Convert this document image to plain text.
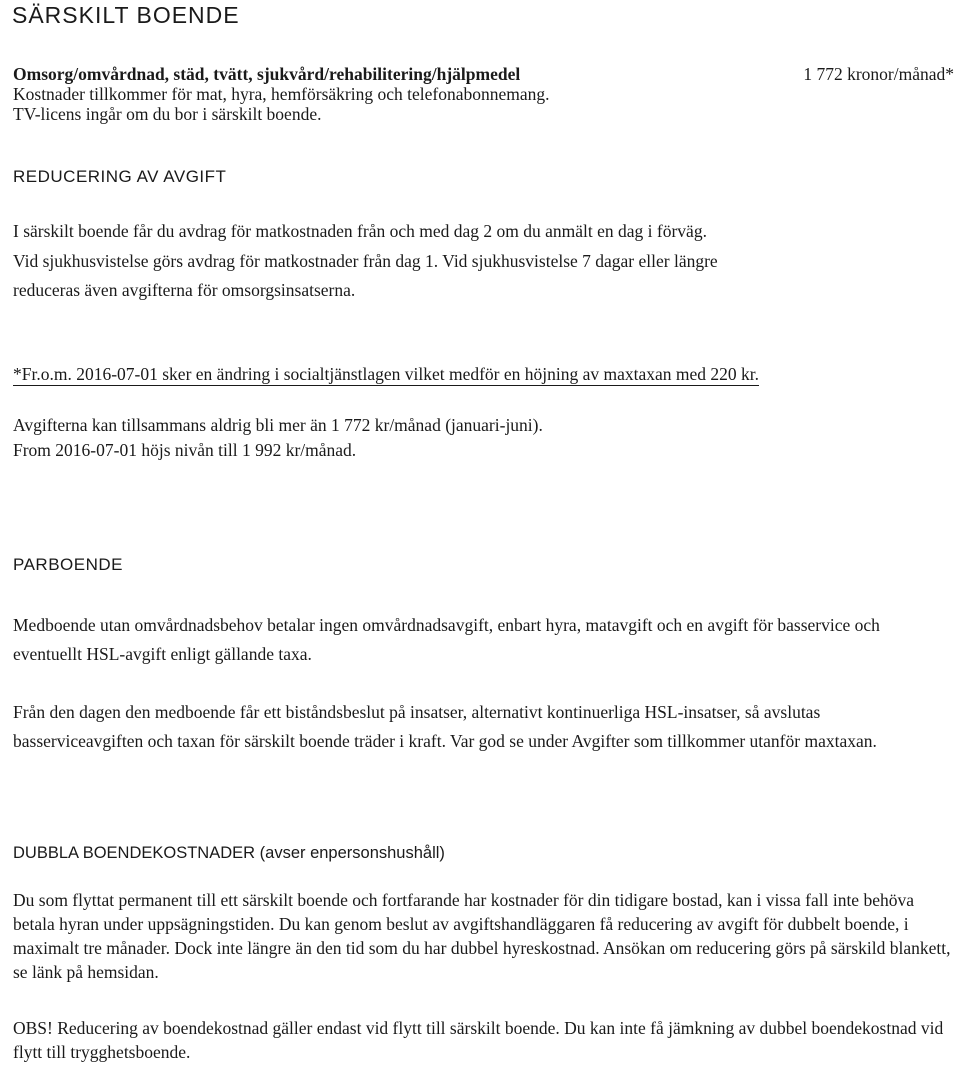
SÄRSKILT BOENDE
Omsorg/omvårdnad, städ, tvätt, sjukvård/rehabilitering/hjälpmedel	1 772 kronor/månad*
Kostnader tillkommer för mat, hyra, hemförsäkring och telefonabonnemang.
TV-licens ingår om du bor i särskilt boende.
REDUCERING AV AVGIFT
I särskilt boende får du avdrag för matkostnaden från och med dag 2 om du anmält en dag i förväg.
Vid sjukhusvistelse görs avdrag för matkostnader från dag 1. Vid sjukhusvistelse 7 dagar eller längre
reduceras även avgifterna för omsorgsinsatserna.
*Fr.o.m. 2016-07-01 sker en ändring i socialtjänstlagen vilket medför en höjning av maxtaxan med 220 kr.
Avgifterna kan tillsammans aldrig bli mer än 1 772 kr/månad (januari-juni).
From 2016-07-01 höjs nivån till 1 992 kr/månad.
PARBOENDE
Medboende utan omvårdnadsbehov betalar ingen omvårdnadsavgift, enbart hyra, matavgift och en avgift för basservice och eventuellt HSL-avgift enligt gällande taxa.
Från den dagen den medboende får ett biståndsbeslut på insatser, alternativt kontinuerliga HSL-insatser, så avslutas basserviceavgiften och taxan för särskilt boende träder i kraft. Var god se under Avgifter som tillkommer utanför maxtaxan.
DUBBLA BOENDEKOSTNADER (avser enpersonshushåll)
Du som flyttat permanent till ett särskilt boende och fortfarande har kostnader för din tidigare bostad, kan i vissa fall inte behöva betala hyran under uppsägningstiden. Du kan genom beslut av avgiftshandläggaren få reducering av avgift för dubbelt boende, i maximalt tre månader. Dock inte längre än den tid som du har dubbel hyreskostnad. Ansökan om reducering görs på särskild blankett, se länk på hemsidan.
OBS! Reducering av boendekostnad gäller endast vid flytt till särskilt boende. Du kan inte få jämkning av dubbel boendekostnad vid flytt till trygghetsboende.
